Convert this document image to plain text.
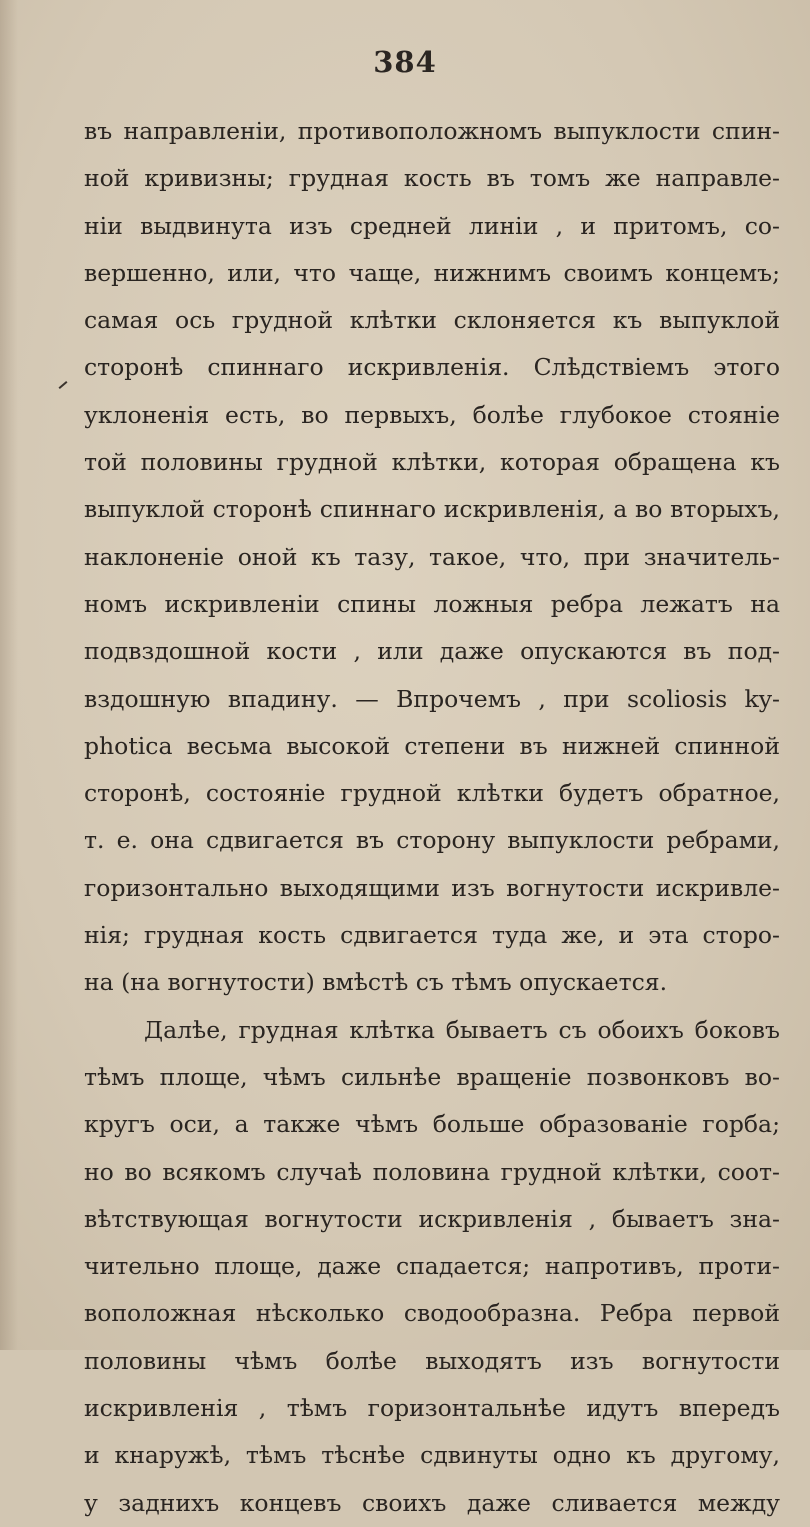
384
въ направленіи, противоположномъ выпуклости спин-
ной кривизны; грудная кость въ томъ же направле-
ніи выдвинута изъ средней линіи , и притомъ, со-
вершенно, или, что чаще, нижнимъ своимъ концемъ;
самая ось грудной клѣтки склоняется къ выпуклой
сторонѣ спиннаго искривленія. Слѣдствіемъ этого
уклоненія есть, во первыхъ, болѣе глубокое стояніе
той половины грудной клѣтки, которая обращена къ
выпуклой сторонѣ спиннаго искривленія, а во вторыхъ,
наклоненіе оной къ тазу, такое, что, при значитель-
номъ искривленіи спины ложныя ребра лежатъ на
подвздошной кости , или даже опускаются въ под-
вздошную впадину. — Впрочемъ , при scoliosis ky-
photica весьма высокой степени въ нижней спинной
сторонѣ, состояніе грудной клѣтки будетъ обратное,
т. е. она сдвигается въ сторону выпуклости ребрами,
горизонтально выходящими изъ вогнутости искривле-
нія; грудная кость сдвигается туда же, и эта сторо-
на (на вогнутости) вмѣстѣ съ тѣмъ опускается.
Далѣе, грудная клѣтка бываетъ съ обоихъ боковъ
тѣмъ площе, чѣмъ сильнѣе вращеніе позвонковъ во-
кругъ оси, а также чѣмъ больше образованіе горба;
но во всякомъ случаѣ половина грудной клѣтки, соот-
вѣтствующая вогнутости искривленія , бываетъ зна-
чительно площе, даже спадается; напротивъ, проти-
воположная нѣсколько сводообразна. Ребра первой
половины чѣмъ болѣе выходятъ изъ вогнутости
искривленія , тѣмъ горизонтальнѣе идутъ впередъ
и кнаружѣ, тѣмъ тѣснѣе сдвинуты одно къ другому,
у заднихъ концевъ своихъ даже сливается между
